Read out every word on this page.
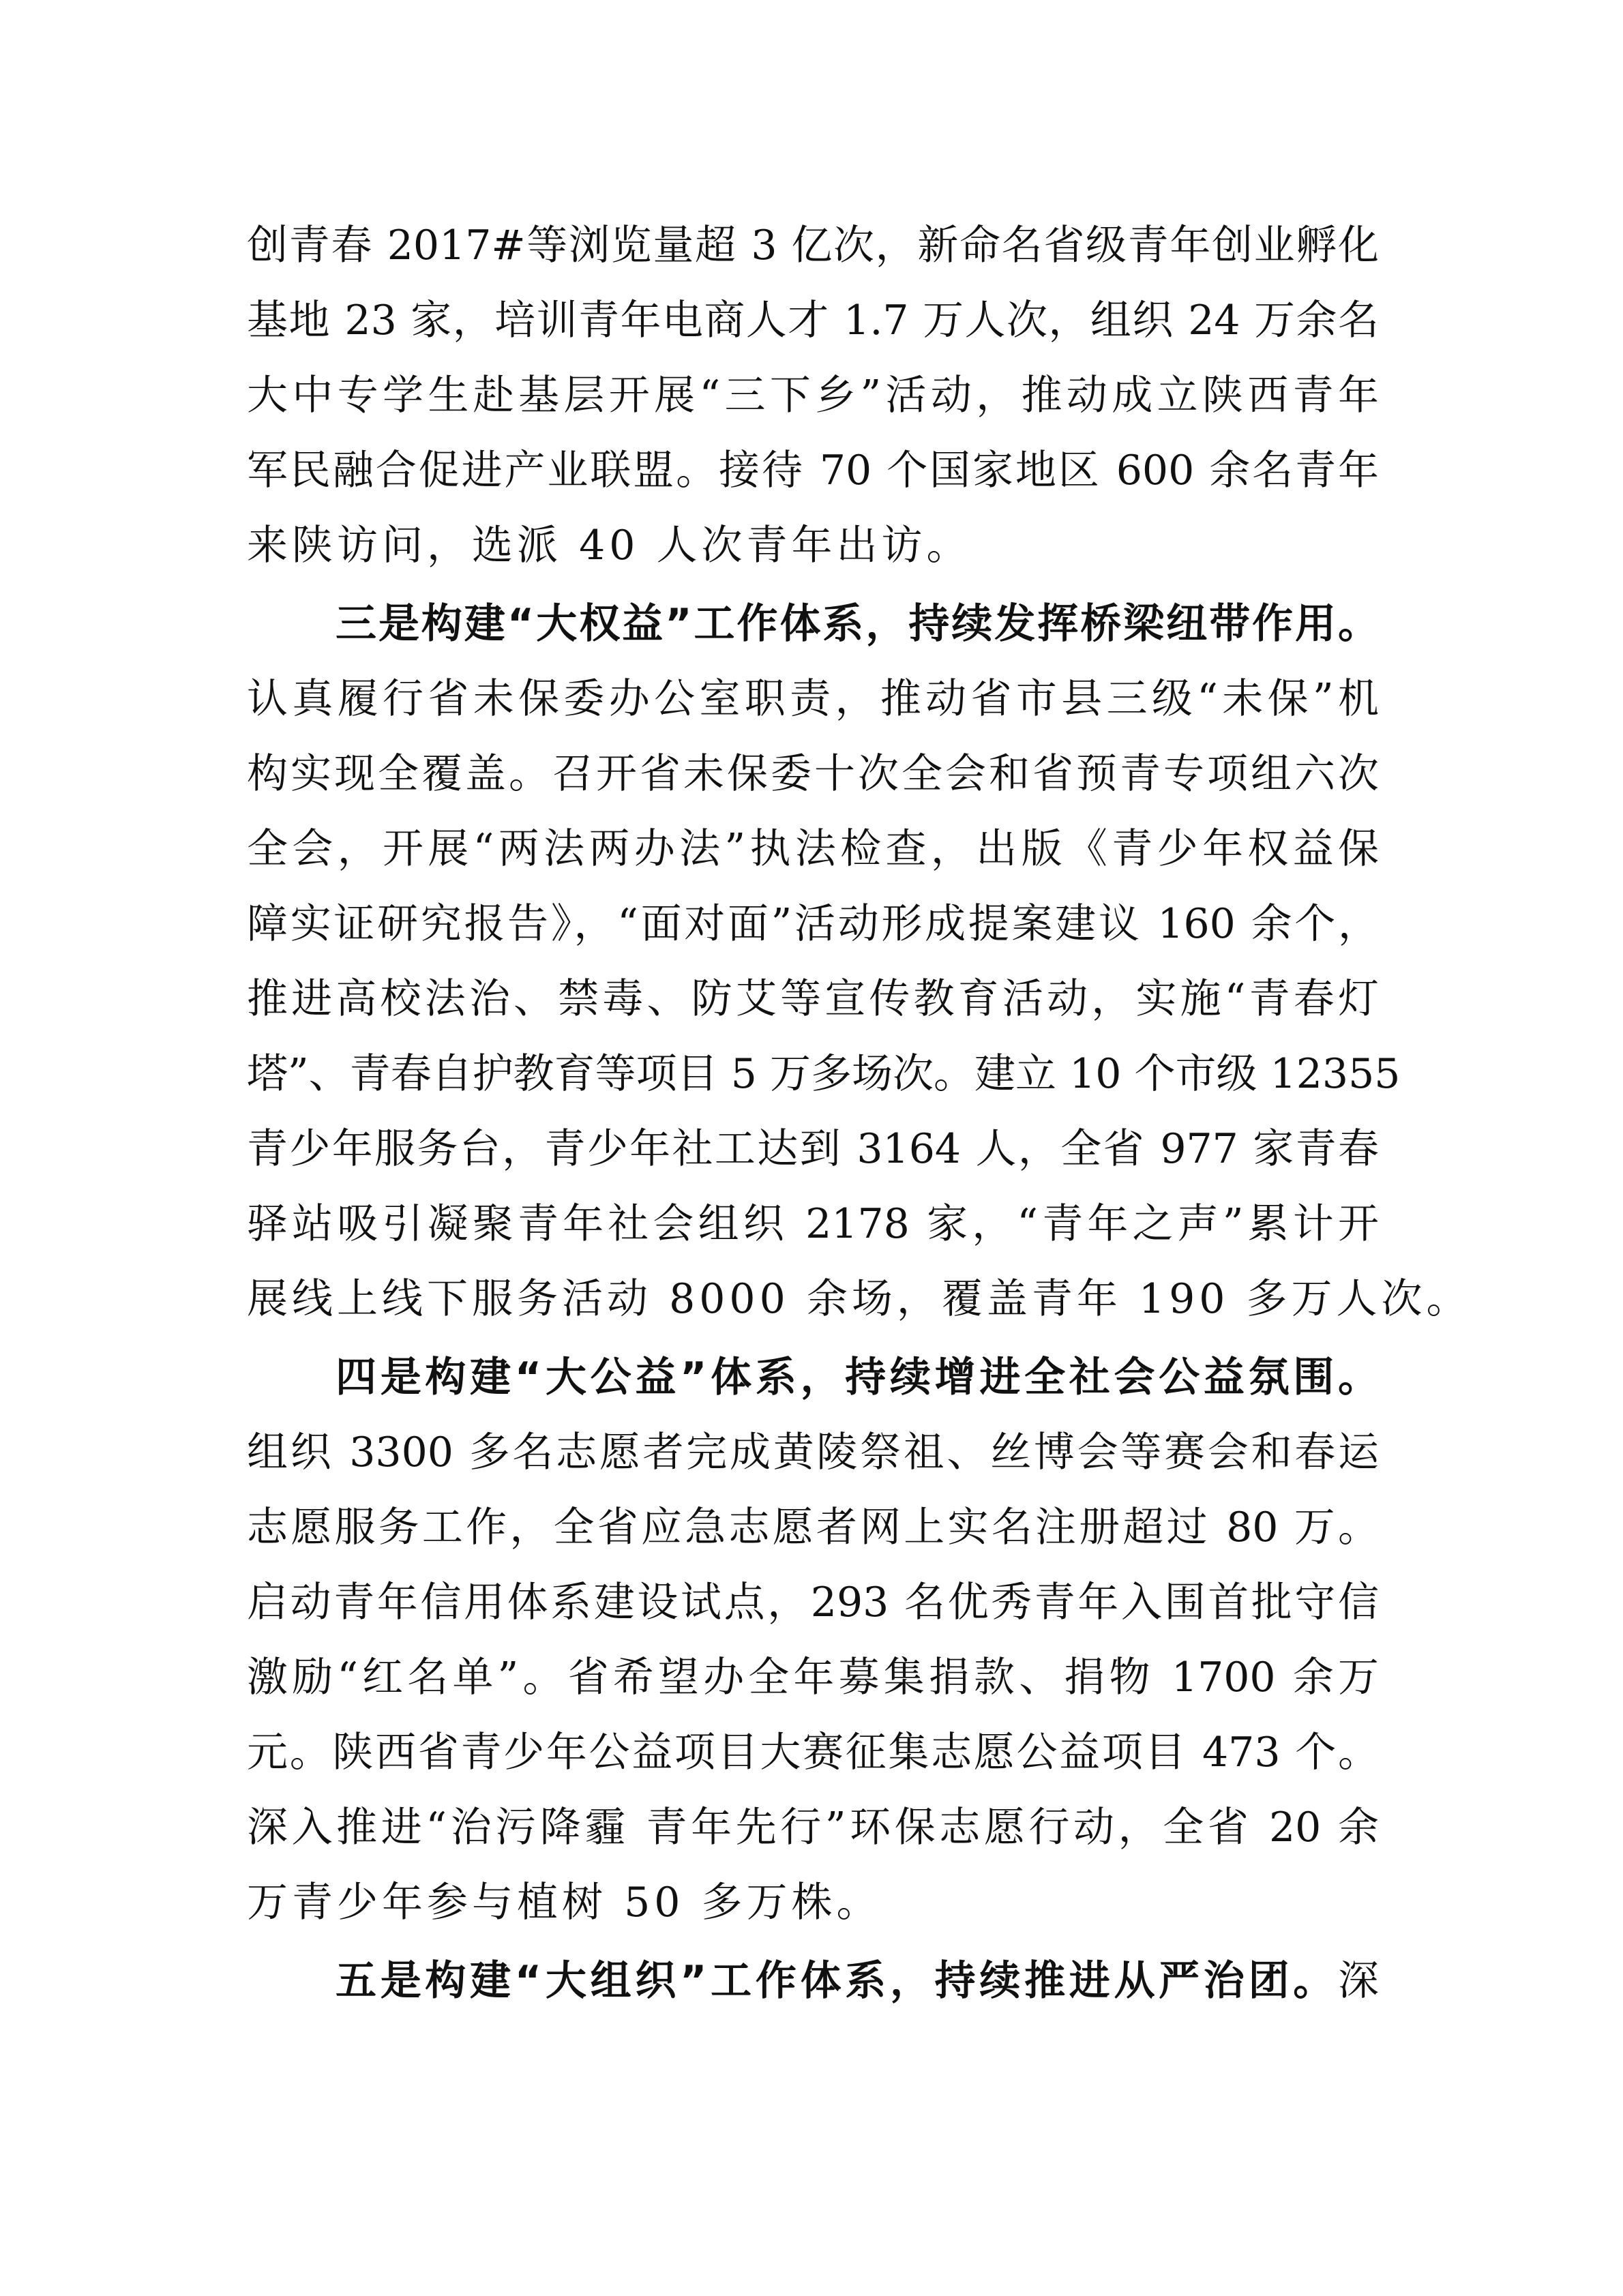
创青春 2017#等浏览量超 3 亿次，新命名省级青年创业孵化
基地 23 家，培训青年电商人才 1.7 万人次，组织 24 万余名
大中专学生赴基层开展“三下乡”活动，推动成立陕西青年
军民融合促进产业联盟。接待 70 个国家地区 600 余名青年
来陕访问，选派 40 人次青年出访。
三是构建“大权益”工作体系，持续发挥桥梁纽带作用。
认真履行省未保委办公室职责，推动省市县三级“未保”机
构实现全覆盖。召开省未保委十次全会和省预青专项组六次
全会，开展“两法两办法”执法检查，出版《青少年权益保
障实证研究报告》，“面对面”活动形成提案建议 160 余个，
推进高校法治、禁毒、防艾等宣传教育活动，实施“青春灯
塔”、青春自护教育等项目 5 万多场次。建立 10 个市级 12355
青少年服务台，青少年社工达到 3164 人，全省 977 家青春
驿站吸引凝聚青年社会组织 2178 家，“青年之声”累计开
展线上线下服务活动 8000 余场，覆盖青年 190 多万人次。
四是构建“大公益”体系，持续增进全社会公益氛围。
组织 3300 多名志愿者完成黄陵祭祖、丝博会等赛会和春运
志愿服务工作，全省应急志愿者网上实名注册超过 80 万。
启动青年信用体系建设试点，293 名优秀青年入围首批守信
激励“红名单”。省希望办全年募集捐款、捐物 1700 余万
元。陕西省青少年公益项目大赛征集志愿公益项目 473 个。
深入推进“治污降霾 青年先行”环保志愿行动，全省 20 余
万青少年参与植树 50 多万株。
五是构建“大组织”工作体系，持续推进从严治团。深
